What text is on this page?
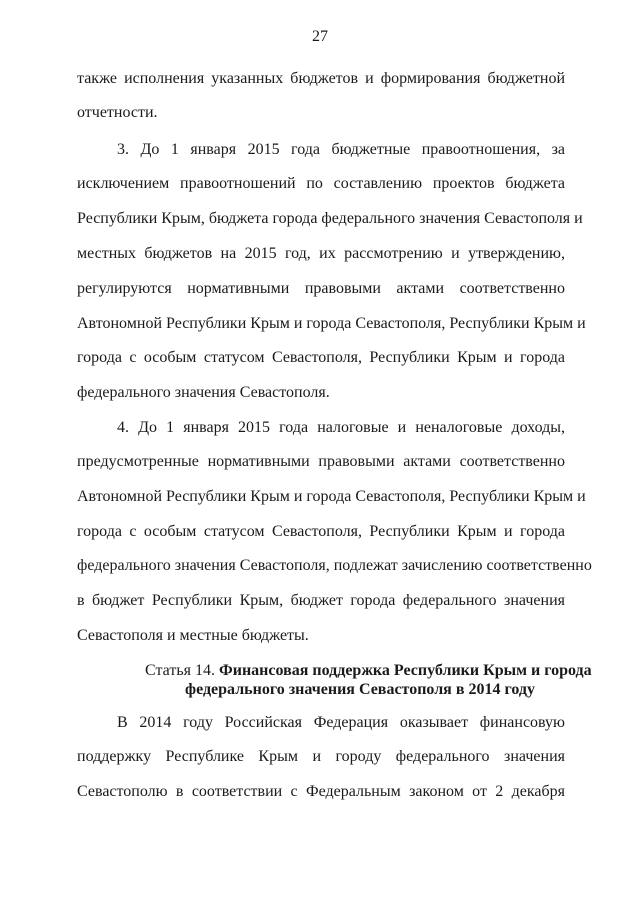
27
также исполнения указанных бюджетов и формирования бюджетной
отчетности.
3. До 1 января 2015 года бюджетные правоотношения, за
исключением правоотношений по составлению проектов бюджета
Республики Крым, бюджета города федерального значения Севастополя и
местных бюджетов на 2015 год, их рассмотрению и утверждению,
регулируются нормативными правовыми актами соответственно
Автономной Республики Крым и города Севастополя, Республики Крым и
города с особым статусом Севастополя, Республики Крым и города
федерального значения Севастополя.
4. До 1 января 2015 года налоговые и неналоговые доходы,
предусмотренные нормативными правовыми актами соответственно
Автономной Республики Крым и города Севастополя, Республики Крым и
города с особым статусом Севастополя, Республики Крым и города
федерального значения Севастополя, подлежат зачислению соответственно
в бюджет Республики Крым, бюджет города федерального значения
Севастополя и местные бюджеты.
Статья 14. Финансовая поддержка Республики Крым и города
федерального значения Севастополя в 2014 году
В 2014 году Российская Федерация оказывает финансовую
поддержку Республике Крым и городу федерального значения
Севастополю в соответствии с Федеральным законом от 2 декабря
